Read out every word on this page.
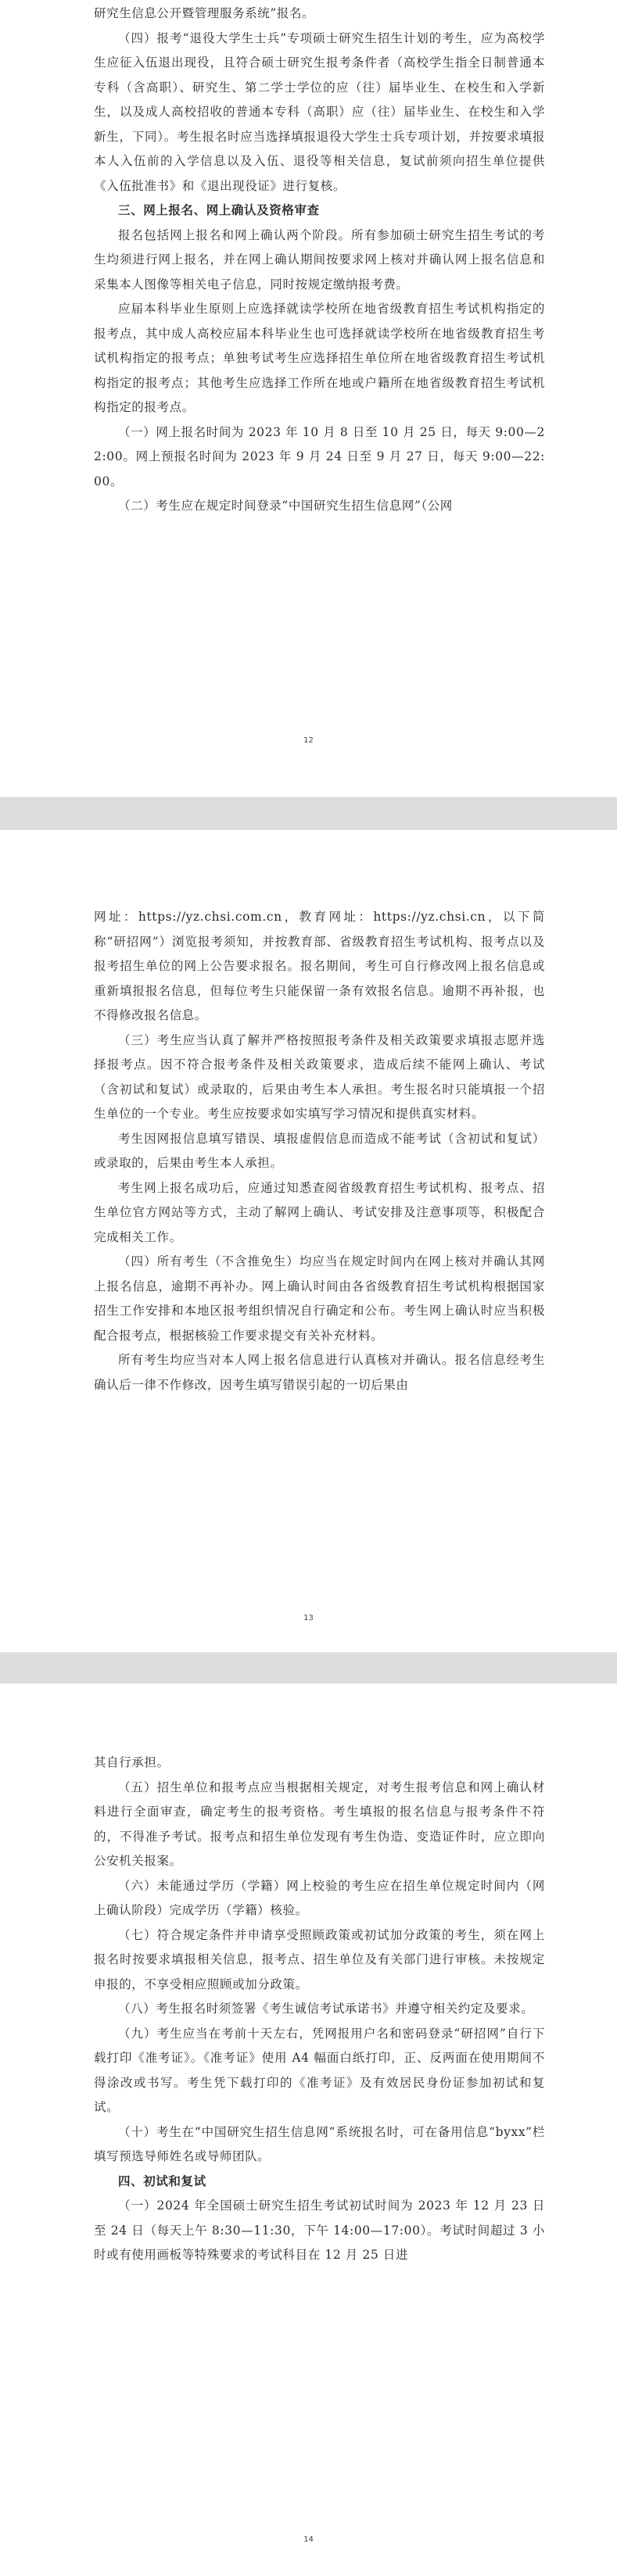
研究生信息公开暨管理服务系统”报名。

（四）报考“退役大学生士兵”专项硕士研究生招生计划的考生，应为高校学生应征入伍退出现役，且符合硕士研究生报考条件者（高校学生指全日制普通本专科（含高职）、研究生、第二学士学位的应（往）届毕业生、在校生和入学新生，以及成人高校招收的普通本专科（高职）应（往）届毕业生、在校生和入学新生，下同）。考生报名时应当选择填报退役大学生士兵专项计划，并按要求填报本人入伍前的入学信息以及入伍、退役等相关信息，复试前须向招生单位提供《入伍批准书》和《退出现役证》进行复核。

三、网上报名、网上确认及资格审查

报名包括网上报名和网上确认两个阶段。所有参加硕士研究生招生考试的考生均须进行网上报名，并在网上确认期间按要求网上核对并确认网上报名信息和采集本人图像等相关电子信息，同时按规定缴纳报考费。

应届本科毕业生原则上应选择就读学校所在地省级教育招生考试机构指定的报考点，其中成人高校应届本科毕业生也可选择就读学校所在地省级教育招生考试机构指定的报考点；单独考试考生应选择招生单位所在地省级教育招生考试机构指定的报考点；其他考生应选择工作所在地或户籍所在地省级教育招生考试机构指定的报考点。

（一）网上报名时间为 2023 年 10 月 8 日至 10 月 25 日，每天 9:00—22:00。网上预报名时间为 2023 年 9 月 24 日至 9 月 27 日，每天 9:00—22:00。

（二）考生应在规定时间登录“中国研究生招生信息网”（公网

12

网址：https://yz.chsi.com.cn，教育网址：https://yz.chsi.cn，以下简称“研招网”）浏览报考须知，并按教育部、省级教育招生考试机构、报考点以及报考招生单位的网上公告要求报名。报名期间，考生可自行修改网上报名信息或重新填报报名信息，但每位考生只能保留一条有效报名信息。逾期不再补报，也不得修改报名信息。

（三）考生应当认真了解并严格按照报考条件及相关政策要求填报志愿并选择报考点。因不符合报考条件及相关政策要求，造成后续不能网上确认、考试（含初试和复试）或录取的，后果由考生本人承担。考生报名时只能填报一个招生单位的一个专业。考生应按要求如实填写学习情况和提供真实材料。

考生因网报信息填写错误、填报虚假信息而造成不能考试（含初试和复试）或录取的，后果由考生本人承担。

考生网上报名成功后，应通过知悉查阅省级教育招生考试机构、报考点、招生单位官方网站等方式，主动了解网上确认、考试安排及注意事项等，积极配合完成相关工作。

（四）所有考生（不含推免生）均应当在规定时间内在网上核对并确认其网上报名信息，逾期不再补办。网上确认时间由各省级教育招生考试机构根据国家招生工作安排和本地区报考组织情况自行确定和公布。考生网上确认时应当积极配合报考点，根据核验工作要求提交有关补充材料。

所有考生均应当对本人网上报名信息进行认真核对并确认。报名信息经考生确认后一律不作修改，因考生填写错误引起的一切后果由

13

其自行承担。

（五）招生单位和报考点应当根据相关规定，对考生报考信息和网上确认材料进行全面审查，确定考生的报考资格。考生填报的报名信息与报考条件不符的，不得准予考试。报考点和招生单位发现有考生伪造、变造证件时，应立即向公安机关报案。

（六）未能通过学历（学籍）网上校验的考生应在招生单位规定时间内（网上确认阶段）完成学历（学籍）核验。

（七）符合规定条件并申请享受照顾政策或初试加分政策的考生，须在网上报名时按要求填报相关信息，报考点、招生单位及有关部门进行审核。未按规定申报的，不享受相应照顾或加分政策。

（八）考生报名时须签署《考生诚信考试承诺书》并遵守相关约定及要求。

（九）考生应当在考前十天左右，凭网报用户名和密码登录“研招网”自行下载打印《准考证》。《准考证》使用 A4 幅面白纸打印，正、反两面在使用期间不得涂改或书写。考生凭下载打印的《准考证》及有效居民身份证参加初试和复试。

（十）考生在“中国研究生招生信息网”系统报名时，可在备用信息“byxx”栏填写预选导师姓名或导师团队。

四、初试和复试

（一）2024 年全国硕士研究生招生考试初试时间为 2023 年 12 月 23 日至 24 日（每天上午 8:30—11:30，下午 14:00—17:00）。考试时间超过 3 小时或有使用画板等特殊要求的考试科目在 12 月 25 日进

14
